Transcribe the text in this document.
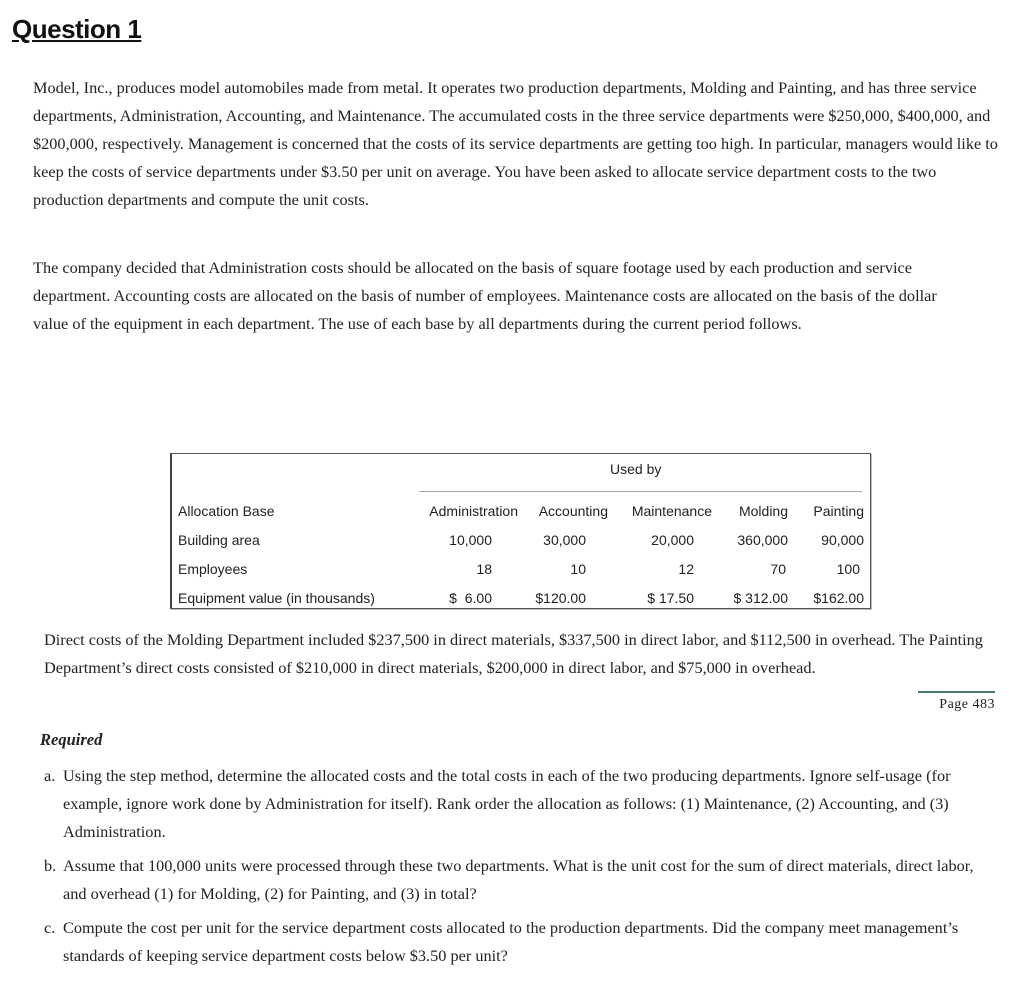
Question 1
Model, Inc., produces model automobiles made from metal. It operates two production departments, Molding and Painting, and has three service departments, Administration, Accounting, and Maintenance. The accumulated costs in the three service departments were $250,000, $400,000, and $200,000, respectively. Management is concerned that the costs of its service departments are getting too high. In particular, managers would like to keep the costs of service departments under $3.50 per unit on average. You have been asked to allocate service department costs to the two production departments and compute the unit costs.
The company decided that Administration costs should be allocated on the basis of square footage used by each production and service department. Accounting costs are allocated on the basis of number of employees. Maintenance costs are allocated on the basis of the dollar value of the equipment in each department. The use of each base by all departments during the current period follows.
Used by
Allocation Base	Administration	Accounting	Maintenance	Molding	Painting
Building area	10,000	30,000	20,000	360,000	90,000
Employees	18	10	12	70	100
Equipment value (in thousands)	$  6.00	$120.00	$ 17.50	$ 312.00	$162.00
Direct costs of the Molding Department included $237,500 in direct materials, $337,500 in direct labor, and $112,500 in overhead. The Painting Department’s direct costs consisted of $210,000 in direct materials, $200,000 in direct labor, and $75,000 in overhead.
Page 483
Required
a. Using the step method, determine the allocated costs and the total costs in each of the two producing departments. Ignore self-usage (for example, ignore work done by Administration for itself). Rank order the allocation as follows: (1) Maintenance, (2) Accounting, and (3) Administration.
b. Assume that 100,000 units were processed through these two departments. What is the unit cost for the sum of direct materials, direct labor, and overhead (1) for Molding, (2) for Painting, and (3) in total?
c. Compute the cost per unit for the service department costs allocated to the production departments. Did the company meet management’s standards of keeping service department costs below $3.50 per unit?
